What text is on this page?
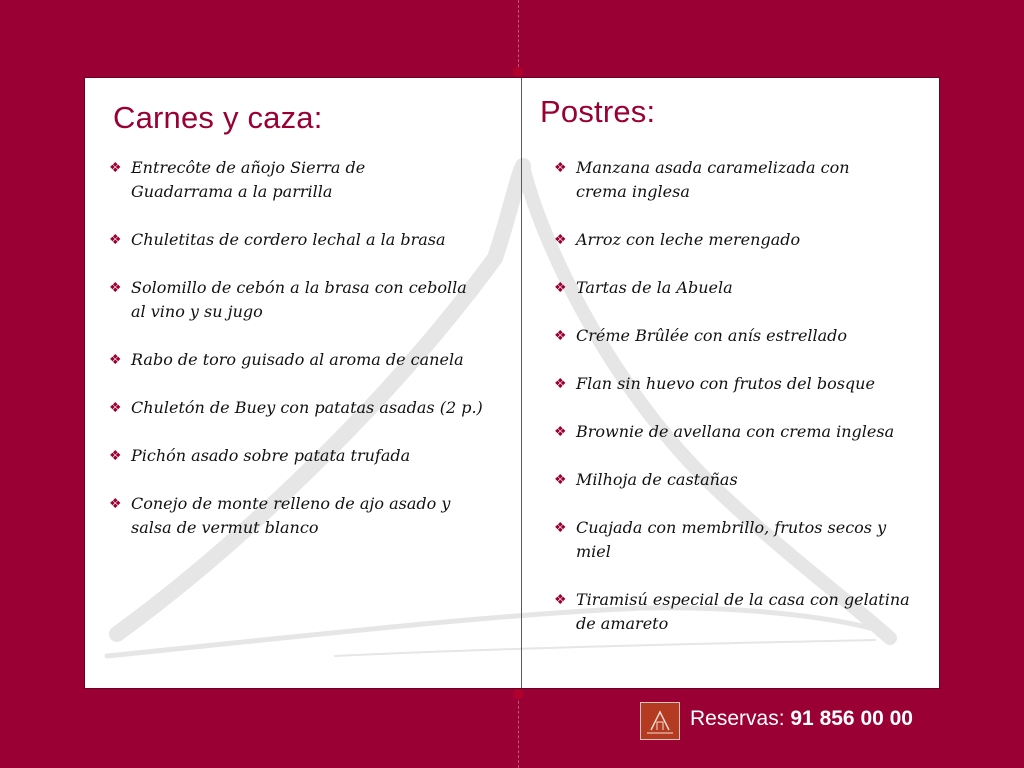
Carnes y caza:
❖ Entrecôte de añojo Sierra de
Guadarrama a la parrilla
❖ Chuletitas de cordero lechal a la brasa
❖ Solomillo de cebón a la brasa con cebolla
al vino y su jugo
❖ Rabo de toro guisado al aroma de canela
❖ Chuletón de Buey con patatas asadas (2 p.)
❖ Pichón asado sobre patata trufada
❖ Conejo de monte relleno de ajo asado y
salsa de vermut blanco
Postres:
❖ Manzana asada caramelizada con
crema inglesa
❖ Arroz con leche merengado
❖ Tartas de la Abuela
❖ Créme Brûlée con anís estrellado
❖ Flan sin huevo con frutos del bosque
❖ Brownie de avellana con crema inglesa
❖ Milhoja de castañas
❖ Cuajada con membrillo, frutos secos y
miel
❖ Tiramisú especial de la casa con gelatina
de amareto

Reservas: 91 856 00 00
